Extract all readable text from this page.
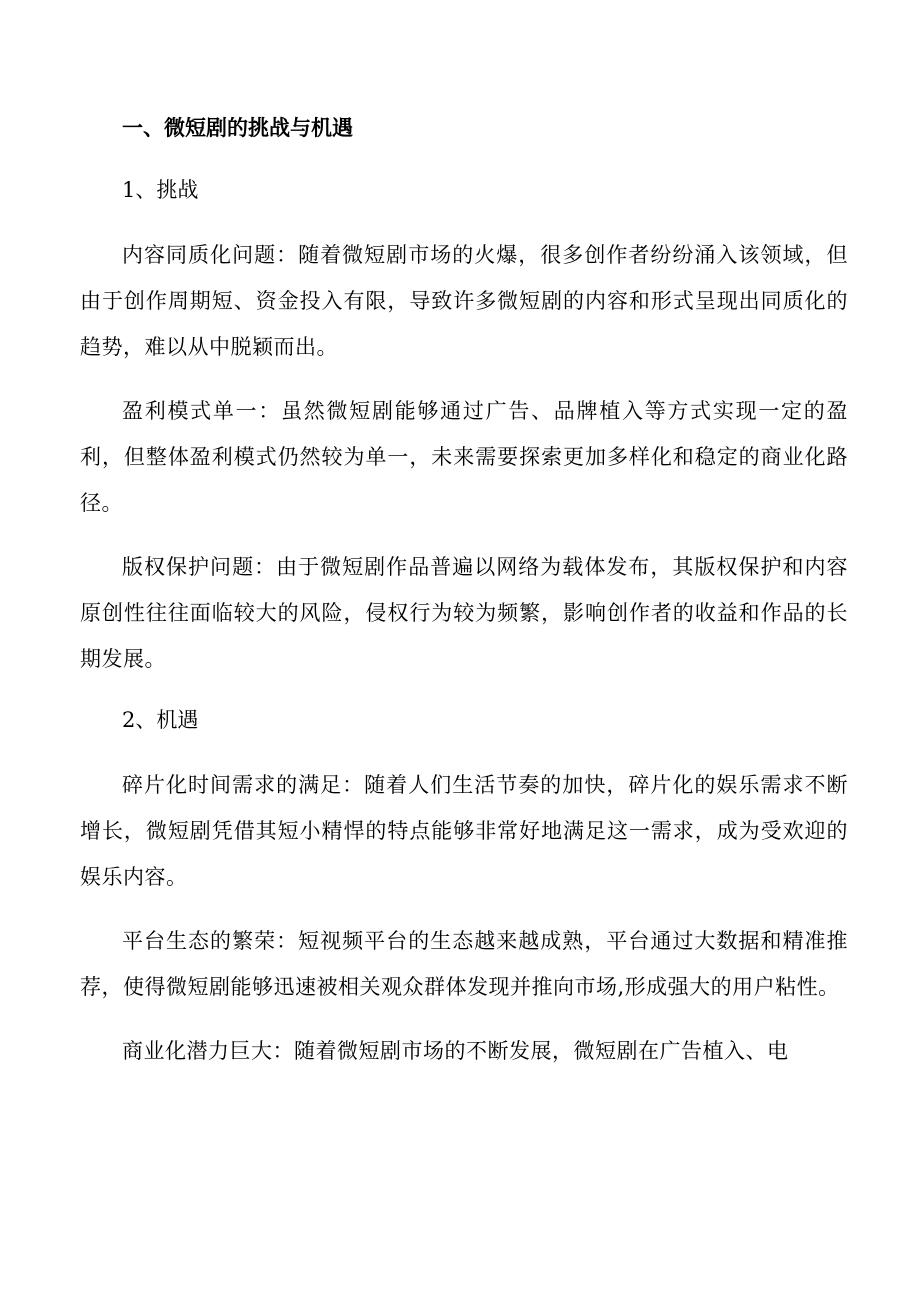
一、微短剧的挑战与机遇
1、挑战

内容同质化问题：随着微短剧市场的火爆，很多创作者纷纷涌入该领域，但由于创作周期短、资金投入有限，导致许多微短剧的内容和形式呈现出同质化的趋势，难以从中脱颖而出。

盈利模式单一：虽然微短剧能够通过广告、品牌植入等方式实现一定的盈利，但整体盈利模式仍然较为单一，未来需要探索更加多样化和稳定的商业化路径。

版权保护问题：由于微短剧作品普遍以网络为载体发布，其版权保护和内容原创性往往面临较大的风险，侵权行为较为频繁，影响创作者的收益和作品的长期发展。

2、机遇

碎片化时间需求的满足：随着人们生活节奏的加快，碎片化的娱乐需求不断增长，微短剧凭借其短小精悍的特点能够非常好地满足这一需求，成为受欢迎的娱乐内容。

平台生态的繁荣：短视频平台的生态越来越成熟，平台通过大数据和精准推荐，使得微短剧能够迅速被相关观众群体发现并推向市场,形成强大的用户粘性。

商业化潜力巨大：随着微短剧市场的不断发展，微短剧在广告植入、电
